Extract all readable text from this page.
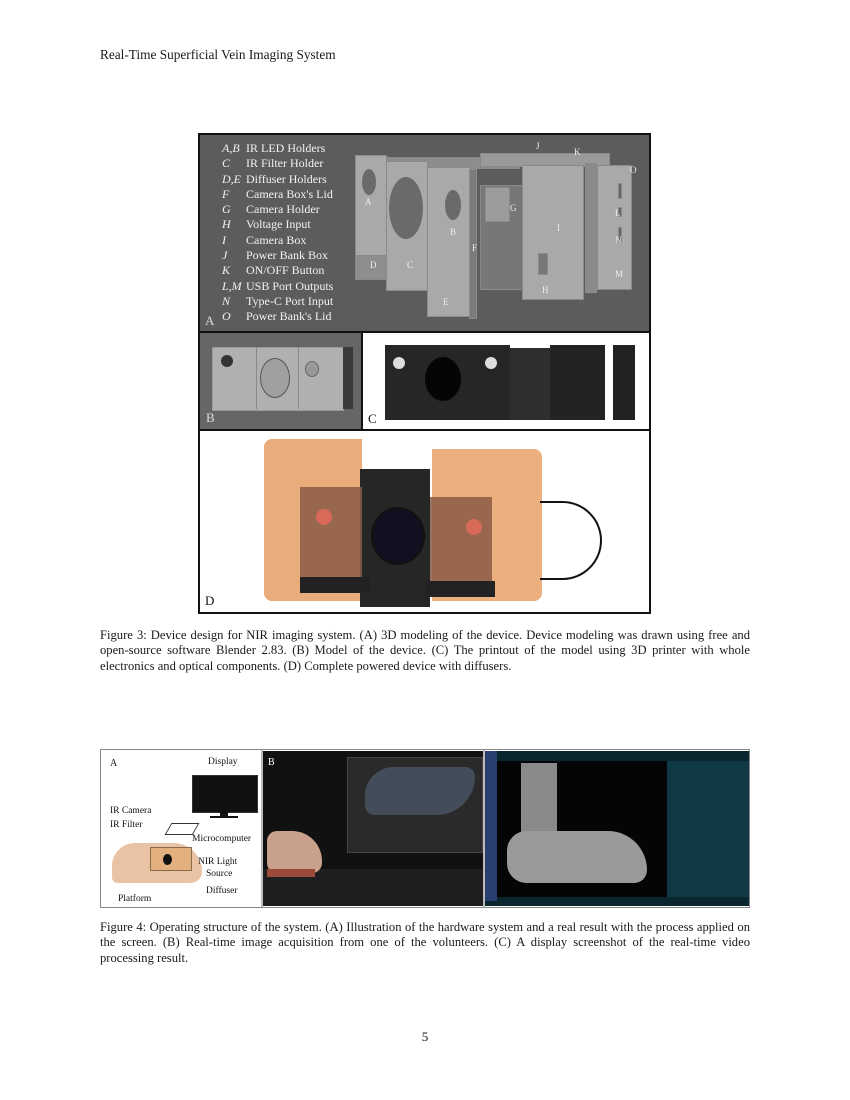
Real-Time Superficial Vein Imaging System
A,B IR LED Holders
C	IR Filter Holder
D,E Diffuser Holders
F	Camera Box's Lid
G	Camera Holder
H	Voltage Input
I	Camera Box
J	Power Bank Box
K	ON/OFF Button
L,M USB Port Outputs
N	Type-C Port Input
O	Power Bank's Lid
A
B
C
D
E
F
G
H
I
J
K
L
M
N
O
A
B	C
D
Figure 3: Device design for NIR imaging system. (A) 3D modeling of the device. Device modeling was drawn using free and open-source software Blender 2.83. (B) Model of the device. (C) The printout of the model using 3D printer with whole electronics and optical components. (D) Complete powered device with diffusers.
A	Display
IR Camera
IR Filter
Microcomputer
NIR Light
Source
Diffuser
Platform
B
Figure 4: Operating structure of the system. (A) Illustration of the hardware system and a real result with the process applied on the screen. (B) Real-time image acquisition from one of the volunteers. (C) A display screenshot of the real-time video processing result.
5
